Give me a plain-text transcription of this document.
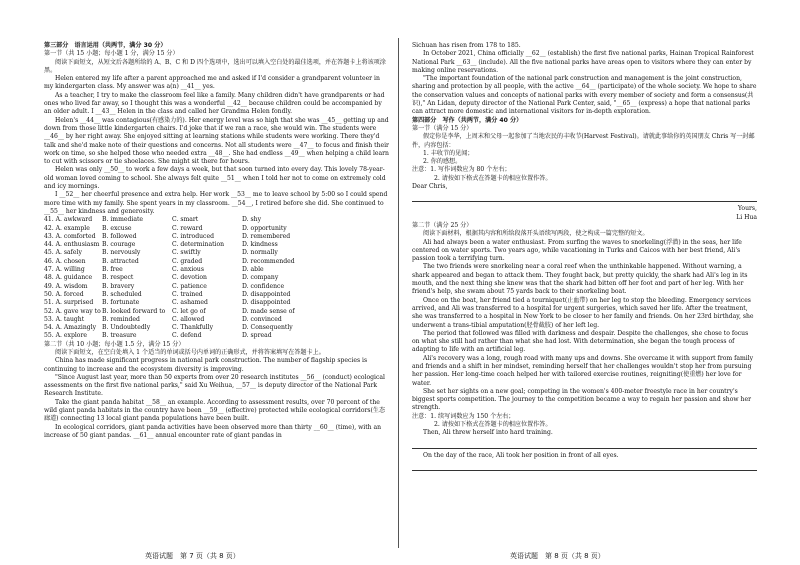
第三部分　语言运用（共两节，满分 30 分）

第一节（共 15 小题；每小题 1 分，满分 15 分）

阅读下面短文，从短文后各题所给的 A、B、C 和 D 四个选项中，选出可以填入空白处的最佳选项，并在答题卡上将该项涂黑。

Helen entered my life after a parent approached me and asked if I'd consider a grandparent volunteer in my kindergarten class. My answer was a(n) __41__ yes.

As a teacher, I try to make the classroom feel like a family. Many children didn't have grandparents or had ones who lived far away, so I thought this was a wonderful __42__ because children could be accompanied by an older adult. I __43__ Helen in the class and called her Grandma Helen fondly.

Helen's __44__ was contagious(有感染力的). Her energy level was so high that she was __45__ getting up and down from those little kindergarten chairs. I'd joke that if we ran a race, she would win. The students were __46__ by her right away. She enjoyed sitting at learning stations while students were working. There they'd talk and she'd make note of their questions and concerns. Not all students were __47__ to focus and finish their work on time, so she helped those who needed extra __48__. She had endless __49__ when helping a child learn to cut with scissors or tie shoelaces. She might sit there for hours.

Helen was only __50__ to work a few days a week, but that soon turned into every day. This lovely 78-year-old woman loved coming to school. She always felt quite __51__ when I told her not to come on extremely cold and icy mornings.

I __52__ her cheerful presence and extra help. Her work __53__ me to leave school by 5:00 so I could spend more time with my family. She spent years in my classroom. __54__, I retired before she did. She continued to __55__ her kindness and generosity.

41. A. awkward	B. immediate	C. smart	D. shy
42. A. example	B. excuse	C. reward	D. opportunity
43. A. comforted	B. followed	C. introduced	D. remembered
44. A. enthusiasm B. courage	C. determination	D. kindness
45. A. safely	B. nervously	C. swiftly	D. normally
46. A. chosen	B. attracted	C. graded	D. recommended
47. A. willing	B. free	C. anxious	D. able
48. A. guidance	B. respect	C. devotion	D. company
49. A. wisdom	B. bravery	C. patience	D. confidence
50. A. forced	B. scheduled	C. trained	D. disappointed
51. A. surprised	B. fortunate	C. ashamed	D. disappointed
52. A. gave way to B. looked forward to	C. let go of	D. made sense of
53. A. taught	B. reminded	C. allowed	D. convinced
54. A. Amazingly B. Undoubtedly	C. Thankfully	D. Consequently
55. A. explore	B. treasure	C. defend	D. spread

第二节（共 10 小题；每小题 1.5 分，满分 15 分）

阅读下面短文，在空白处填入 1 个适当的单词或括号内单词的正确形式，并将答案填写在答题卡上。

China has made significant progress in national park construction. The number of flagship species is continuing to increase and the ecosystem diversity is improving.

"Since August last year, more than 50 experts from over 20 research institutes __56__ (conduct) ecological assessments on the first five national parks," said Xu Weihua, __57__ is deputy director of the National Park Research Institute.

Take the giant panda habitat __58__ an example. According to assessment results, over 70 percent of the wild giant panda habitats in the country have been __59__ (effective) protected while ecological corridors(生态廊道) connecting 13 local giant panda populations have been built.

In ecological corridors, giant panda activities have been observed more than thirty __60__ (time), with an increase of 50 giant pandas. __61__ annual encounter rate of giant pandas in

Sichuan has risen from 178 to 185.

In October 2021, China officially __62__ (establish) the first five national parks, Hainan Tropical Rainforest National Park __63__ (include). All the five national parks have areas open to visitors where they can enter by making online reservations.

"The important foundation of the national park construction and management is the joint construction, sharing and protection by all people, with the active __64__ (participate) of the whole society. We hope to share the conservation values and concepts of national parks with every member of society and form a consensus(共识)," An Lidan, deputy director of the National Park Center, said, "__65__ (express) a hope that national parks can attract more domestic and international visitors for in-depth exploration.

第四部分　写作（共两节，满分 40 分）

第一节（满分 15 分）

假定你是李华，上周末和父母一起参加了当地农民的丰收节(Harvest Festival)。请就此事给你的英国朋友 Chris 写一封邮件，内容包括：

1. 丰收节的见闻；

2. 你的感想。

注意：1. 写作词数应为 80 个左右；

2. 请按如下格式在答题卡的相应位置作答。

Dear Chris,

Yours,

Li Hua

第二节（满分 25 分）

阅读下面材料，根据其内容和所给段落开头语续写两段，使之构成一篇完整的短文。

Ali had always been a water enthusiast. From surfing the waves to snorkeling(浮潜) in the seas, her life centered on water sports. Two years ago, while vacationing in Turks and Caicos with her best friend, Ali's passion took a terrifying turn.

The two friends were snorkeling near a coral reef when the unthinkable happened. Without warning, a shark appeared and began to attack them. They fought back, but pretty quickly, the shark had Ali's leg in its mouth, and the next thing she knew was that the shark had bitten off her foot and part of her leg. With her friend's help, she swam about 75 yards back to their snorkeling boat.

Once on the boat, her friend tied a tourniquet(止血带) on her leg to stop the bleeding. Emergency services arrived, and Ali was transferred to a hospital for urgent surgeries, which saved her life. After the treatment, she was transferred to a hospital in New York to be closer to her family and friends. On her 23rd birthday, she underwent a trans-tibial amputation(胫骨截肢) of her left leg.

The period that followed was filled with darkness and despair. Despite the challenges, she chose to focus on what she still had rather than what she had lost. With determination, she began the tough process of adapting to life with an artificial leg.

Ali's recovery was a long, rough road with many ups and downs. She overcame it with support from family and friends and a shift in her mindset, reminding herself that her challenges wouldn't stop her from pursuing her passion. Her long-time coach helped her with tailored exercise routines, reigniting(使重燃) her love for water.

She set her sights on a new goal; competing in the women's 400-meter freestyle race in her country's biggest sports competition. The journey to the competition became a way to regain her passion and show her strength.

注意：1. 续写词数应为 150 个左右；

2. 请按如下格式在答题卡的相应位置作答。

Then, Ali threw herself into hard training.

On the day of the race, Ali took her position in front of all eyes.

英语试题　第 7 页（共 8 页）	英语试题　第 8 页（共 8 页）
